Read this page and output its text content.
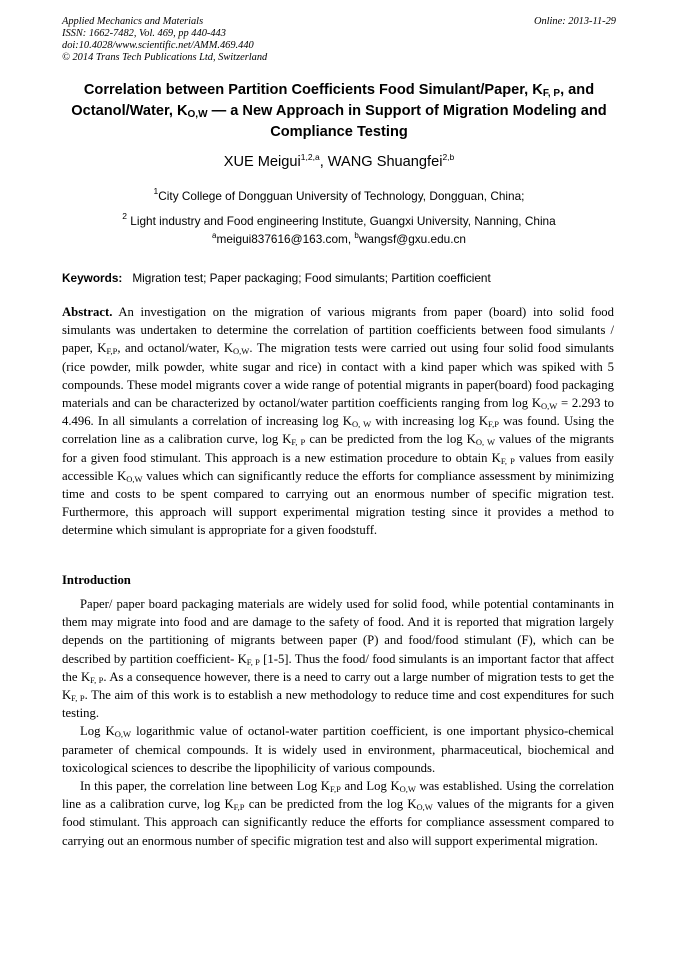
Applied Mechanics and Materials
ISSN: 1662-7482, Vol. 469, pp 440-443
doi:10.4028/www.scientific.net/AMM.469.440
© 2014 Trans Tech Publications Ltd, Switzerland
Online: 2013-11-29
Correlation between Partition Coefficients Food Simulant/Paper, $K_{F, P}$, and Octanol/Water, $K_{O,W}$ — a New Approach in Support of Migration Modeling and Compliance Testing
XUE Meigui$^{1,2,a}$, WANG Shuangfei$^{2,b}$
$^1$City College of Dongguan University of Technology, Dongguan, China;
$^2$ Light industry and Food engineering Institute, Guangxi University, Nanning, China
$^a$meigui837616@163.com, $^b$wangsf@gxu.edu.cn
Keywords: Migration test; Paper packaging; Food simulants; Partition coefficient
Abstract. An investigation on the migration of various migrants from paper (board) into solid food simulants was undertaken to determine the correlation of partition coefficients between food simulants / paper, $K_{F,P}$, and octanol/water, $K_{O,W}$. The migration tests were carried out using four solid food simulants (rice powder, milk powder, white sugar and rice) in contact with a kind paper which was spiked with 5 compounds. These model migrants cover a wide range of potential migrants in paper(board) food packaging materials and can be characterized by octanol/water partition coefficients ranging from $\log K_{O,W} = 2.293$ to 4.496. In all simulants a correlation of increasing $\log K_{O, W}$ with increasing $\log K_{F,P}$ was found. Using the correlation line as a calibration curve, $\log K_{F, P}$ can be predicted from the $\log K_{O, W}$ values of the migrants for a given food stimulant. This approach is a new estimation procedure to obtain $K_{F, P}$ values from easily accessible $K_{O,W}$ values which can significantly reduce the efforts for compliance assessment by minimizing time and costs to be spent compared to carrying out an enormous number of specific migration test. Furthermore, this approach will support experimental migration testing since it provides a method to determine which simulant is appropriate for a given foodstuff.
Introduction

Paper/ paper board packaging materials are widely used for solid food, while potential contaminants in them may migrate into food and are damage to the safety of food. And it is reported that migration largely depends on the partitioning of migrants between paper (P) and food/food stimulant (F), which can be described by partition coefficient- $K_{F, P}$ [1-5]. Thus the food/ food simulants is an important factor that affect the $K_{F, P}$. As a consequence however, there is a need to carry out a large number of migration tests to get the $K_{F, P}$. The aim of this work is to establish a new methodology to reduce time and cost expenditures for such testing.

Log $K_{O,W}$ logarithmic value of octanol-water partition coefficient, is one important physico-chemical parameter of chemical compounds. It is widely used in environment, pharmaceutical, biochemical and toxicological sciences to describe the lipophilicity of various compounds.

In this paper, the correlation line between Log $K_{F,P}$ and Log $K_{O,W}$ was established. Using the correlation line as a calibration curve, $\log K_{F,P}$ can be predicted from the $\log K_{O,W}$ values of the migrants for a given food stimulant. This approach can significantly reduce the efforts for compliance assessment compared to carrying out an enormous number of specific migration test and also will support experimental migration.
